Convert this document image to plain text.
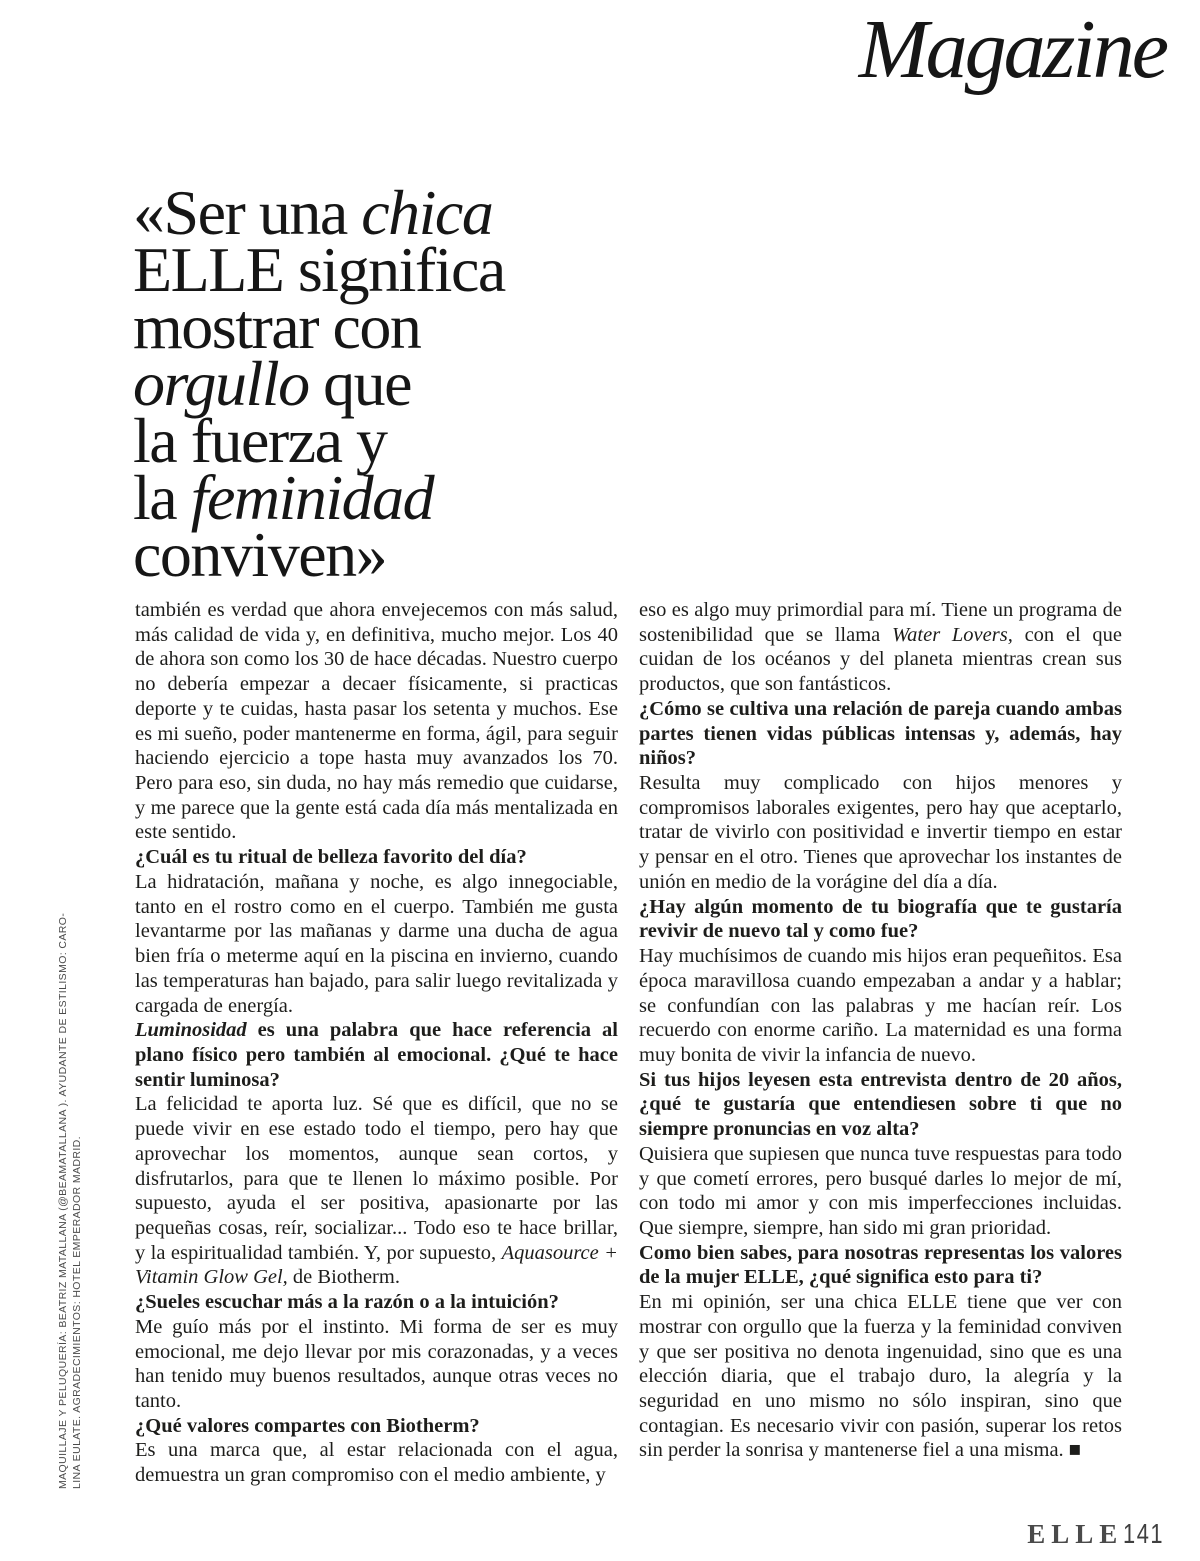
Magazine
«Ser una chica
ELLE significa
mostrar con
orgullo que
la fuerza y
la feminidad
conviven»

también es verdad que ahora envejecemos con más salud, más calidad de vida y, en definitiva, mucho mejor. Los 40 de ahora son como los 30 de hace décadas. Nuestro cuerpo no debería empezar a decaer físicamente, si practicas deporte y te cuidas, hasta pasar los setenta y muchos. Ese es mi sueño, poder mantenerme en forma, ágil, para seguir haciendo ejercicio a tope hasta muy avanzados los 70. Pero para eso, sin duda, no hay más remedio que cuidarse, y me parece que la gente está cada día más mentalizada en este sentido.

¿Cuál es tu ritual de belleza favorito del día?

La hidratación, mañana y noche, es algo innegociable, tanto en el rostro como en el cuerpo. También me gusta levantarme por las mañanas y darme una ducha de agua bien fría o meterme aquí en la piscina en invierno, cuando las temperaturas han bajado, para salir luego revitalizada y cargada de energía.

Luminosidad es una palabra que hace referencia al plano físico pero también al emocional. ¿Qué te hace sentir luminosa?

La felicidad te aporta luz. Sé que es difícil, que no se puede vivir en ese estado todo el tiempo, pero hay que aprovechar los momentos, aunque sean cortos, y disfrutarlos, para que te llenen lo máximo posible. Por supuesto, ayuda el ser positiva, apasionarte por las pequeñas cosas, reír, socializar... Todo eso te hace brillar, y la espiritualidad también. Y, por supuesto, Aquasource + Vitamin Glow Gel, de Biotherm.

¿Sueles escuchar más a la razón o a la intuición?

Me guío más por el instinto. Mi forma de ser es muy emocional, me dejo llevar por mis corazonadas, y a veces han tenido muy buenos resultados, aunque otras veces no tanto.

¿Qué valores compartes con Biotherm?

Es una marca que, al estar relacionada con el agua, demuestra un gran compromiso con el medio ambiente, y

eso es algo muy primordial para mí. Tiene un programa de sostenibilidad que se llama Water Lovers, con el que cuidan de los océanos y del planeta mientras crean sus productos, que son fantásticos.

¿Cómo se cultiva una relación de pareja cuando ambas partes tienen vidas públicas intensas y, además, hay niños?

Resulta muy complicado con hijos menores y compromisos laborales exigentes, pero hay que aceptarlo, tratar de vivirlo con positividad e invertir tiempo en estar y pensar en el otro. Tienes que aprovechar los instantes de unión en medio de la vorágine del día a día.

¿Hay algún momento de tu biografía que te gustaría revivir de nuevo tal y como fue?

Hay muchísimos de cuando mis hijos eran pequeñitos. Esa época maravillosa cuando empezaban a andar y a hablar; se confundían con las palabras y me hacían reír. Los recuerdo con enorme cariño. La maternidad es una forma muy bonita de vivir la infancia de nuevo.

Si tus hijos leyesen esta entrevista dentro de 20 años, ¿qué te gustaría que entendiesen sobre ti que no siempre pronuncias en voz alta?

Quisiera que supiesen que nunca tuve respuestas para todo y que cometí errores, pero busqué darles lo mejor de mí, con todo mi amor y con mis imperfecciones incluidas. Que siempre, siempre, han sido mi gran prioridad.

Como bien sabes, para nosotras representas los valores de la mujer ELLE, ¿qué significa esto para ti?

En mi opinión, ser una chica ELLE tiene que ver con mostrar con orgullo que la fuerza y la feminidad conviven y que ser positiva no denota ingenuidad, sino que es una elección diaria, que el trabajo duro, la alegría y la seguridad en uno mismo no sólo inspiran, sino que contagian. Es necesario vivir con pasión, superar los retos sin perder la sonrisa y mantenerse fiel a una misma. ■

MAQUILLAJE Y PELUQUERÍA: BEATRIZ MATALLANA (@BEAMATALLANA ). AYUDANTE DE ESTILISMO: CARO- LINA EULATE. AGRADECIMIENTOS: HOTEL EMPERADOR MADRID.
ELLE 141
